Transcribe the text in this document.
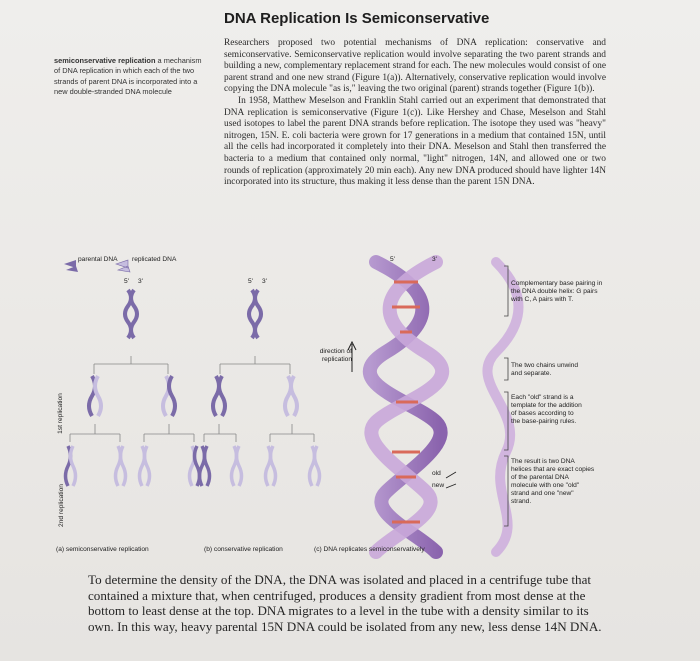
DNA Replication Is Semiconservative
semiconservative replication a mechanism of DNA replication in which each of the two strands of parent DNA is incorporated into a new double-stranded DNA molecule

Researchers proposed two potential mechanisms of DNA replication: conservative and semiconservative. Semiconservative replication would involve separating the two parent strands and building a new, complementary replacement strand for each. The new molecules would consist of one parent strand and one new strand (Figure 1(a)). Alternatively, conservative replication would involve copying the DNA molecule "as is," leaving the two original (parent) strands together (Figure 1(b)).

In 1958, Matthew Meselson and Franklin Stahl carried out an experiment that demonstrated that DNA replication is semiconservative (Figure 1(c)). Like Hershey and Chase, Meselson and Stahl used isotopes to label the parent DNA strands before replication. The isotope they used was "heavy" nitrogen, 15N. E. coli bacteria were grown for 17 generations in a medium that contained 15N, until all the cells had incorporated it completely into their DNA. Meselson and Stahl then transferred the bacteria to a medium that contained only normal, "light" nitrogen, 14N, and allowed one or two rounds of replication (approximately 20 min each). Any new DNA produced should have lighter 14N incorporated into its structure, thus making it less dense than the parent 15N DNA.

parental DNA replicated DNA
1st replication
2nd replication
5' 3'	5' 3'
5'	3'
direction of replication
old
new
Complementary base pairing in the DNA double helix: G pairs with C, A pairs with T.
The two chains unwind and separate.
Each "old" strand is a template for the addition of bases according to the base-pairing rules.
The result is two DNA helices that are exact copies of the parental DNA molecule with one "old" strand and one "new" strand.
(a) semiconservative replication	(b) conservative replication	(c) DNA replicates semiconservatively
To determine the density of the DNA, the DNA was isolated and placed in a centrifuge tube that contained a mixture that, when centrifuged, produces a density gradient from most dense at the bottom to least dense at the top. DNA migrates to a level in the tube with a density similar to its own. In this way, heavy parental 15N DNA could be isolated from any new, less dense 14N DNA.
